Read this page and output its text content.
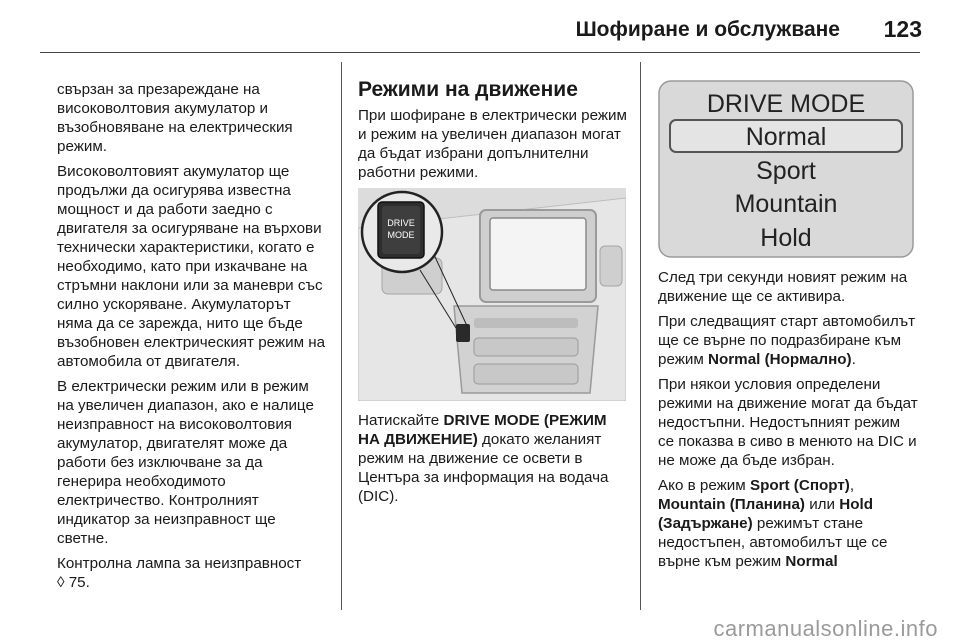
Шофиране и обслужване 123

свързан за презареждане на високоволтовия акумулатор и възобновяване на електрическия режим.

Високоволтовият акумулатор ще продължи да осигурява известна мощност и да работи заедно с двигателя за осигуряване на върхови технически характеристики, когато е необходимо, като при изкачване на стръмни наклони или за маневри със силно ускоряване. Акумулаторът няма да се зарежда, нито ще бъде възобновен електрическият режим на автомобила от двигателя.

В електрически режим или в режим на увеличен диапазон, ако е налице неизправност на високоволтовия акумулатор, двигателят може да работи без изключване за да генерира необходимото електричество. Контролният индикатор за неизправност ще светне.

Контролна лампа за неизправност
◊ 75.

Режими на движение

При шофиране в електрически режим и режим на увеличен диапазон могат да бъдат избрани допълнителни работни режими.

DRIVE
MODE

Натискайте DRIVE MODE (РЕЖИМ НА ДВИЖЕНИЕ) докато желаният режим на движение се освети в Центъра за информация на водача (DIC).

DRIVE MODE
Normal
Sport
Mountain
Hold

След три секунди новият режим на движение ще се активира.

При следващият старт автомобилът ще се върне по подразбиране към режим Normal (Нормално).

При някои условия определени режими на движение могат да бъдат недостъпни. Недостъпният режим се показва в сиво в менюто на DIC и не може да бъде избран.

Ако в режим Sport (Спорт), Mountain (Планина) или Hold (Задържане) режимът стане недостъпен, автомобилът ще се върне към режим Normal

carmanualsonline.info
